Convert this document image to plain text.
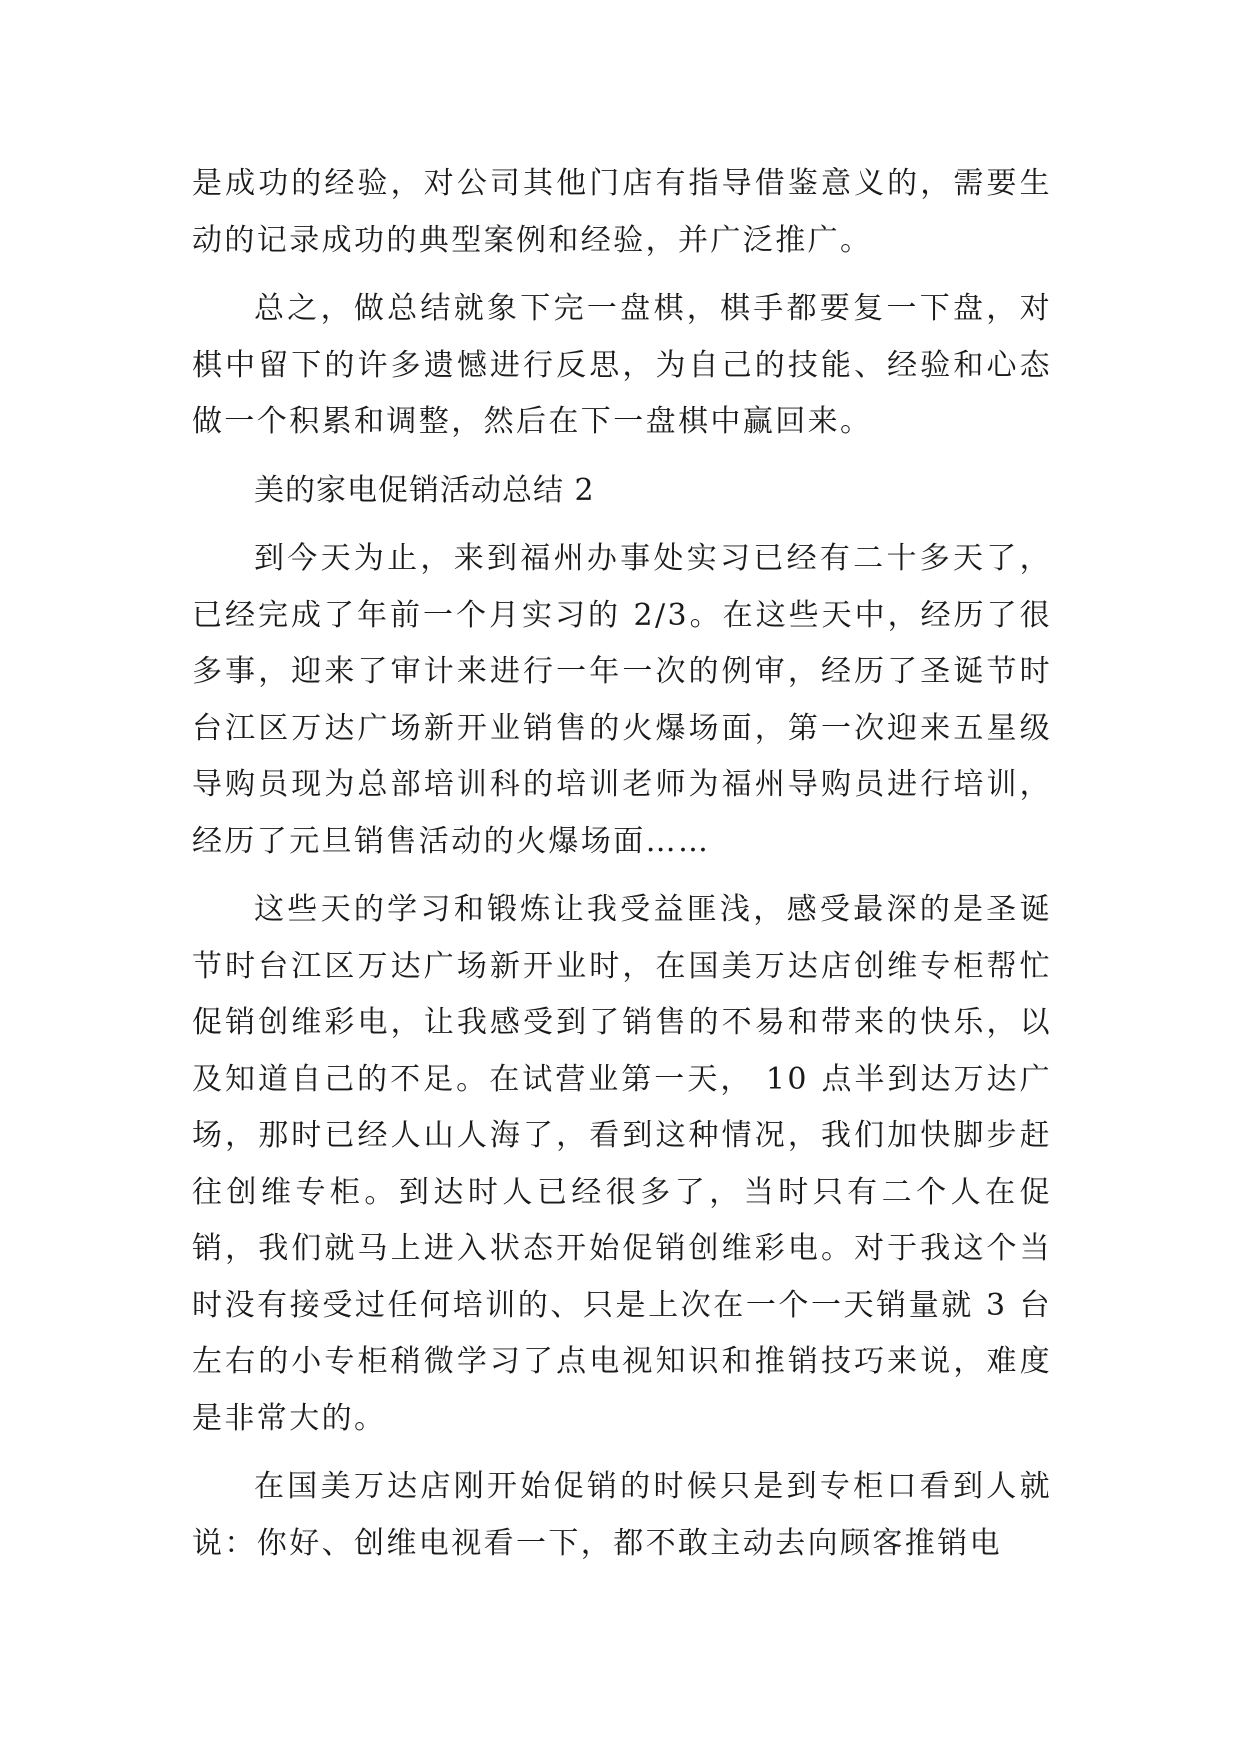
是成功的经验，对公司其他门店有指导借鉴意义的，需要生动的记录成功的典型案例和经验，并广泛推广。

总之，做总结就象下完一盘棋，棋手都要复一下盘，对棋中留下的许多遗憾进行反思，为自己的技能、经验和心态做一个积累和调整，然后在下一盘棋中赢回来。

美的家电促销活动总结 2

到今天为止，来到福州办事处实习已经有二十多天了，已经完成了年前一个月实习的 2/3。在这些天中，经历了很多事，迎来了审计来进行一年一次的例审，经历了圣诞节时台江区万达广场新开业销售的火爆场面，第一次迎来五星级导购员现为总部培训科的培训老师为福州导购员进行培训，经历了元旦销售活动的火爆场面……

这些天的学习和锻炼让我受益匪浅，感受最深的是圣诞节时台江区万达广场新开业时，在国美万达店创维专柜帮忙促销创维彩电，让我感受到了销售的不易和带来的快乐，以及知道自己的不足。在试营业第一天， 10 点半到达万达广场，那时已经人山人海了，看到这种情况，我们加快脚步赶往创维专柜。到达时人已经很多了，当时只有二个人在促销，我们就马上进入状态开始促销创维彩电。对于我这个当时没有接受过任何培训的、只是上次在一个一天销量就 3 台左右的小专柜稍微学习了点电视知识和推销技巧来说，难度是非常大的。

在国美万达店刚开始促销的时候只是到专柜口看到人就说：你好、创维电视看一下，都不敢主动去向顾客推销电
